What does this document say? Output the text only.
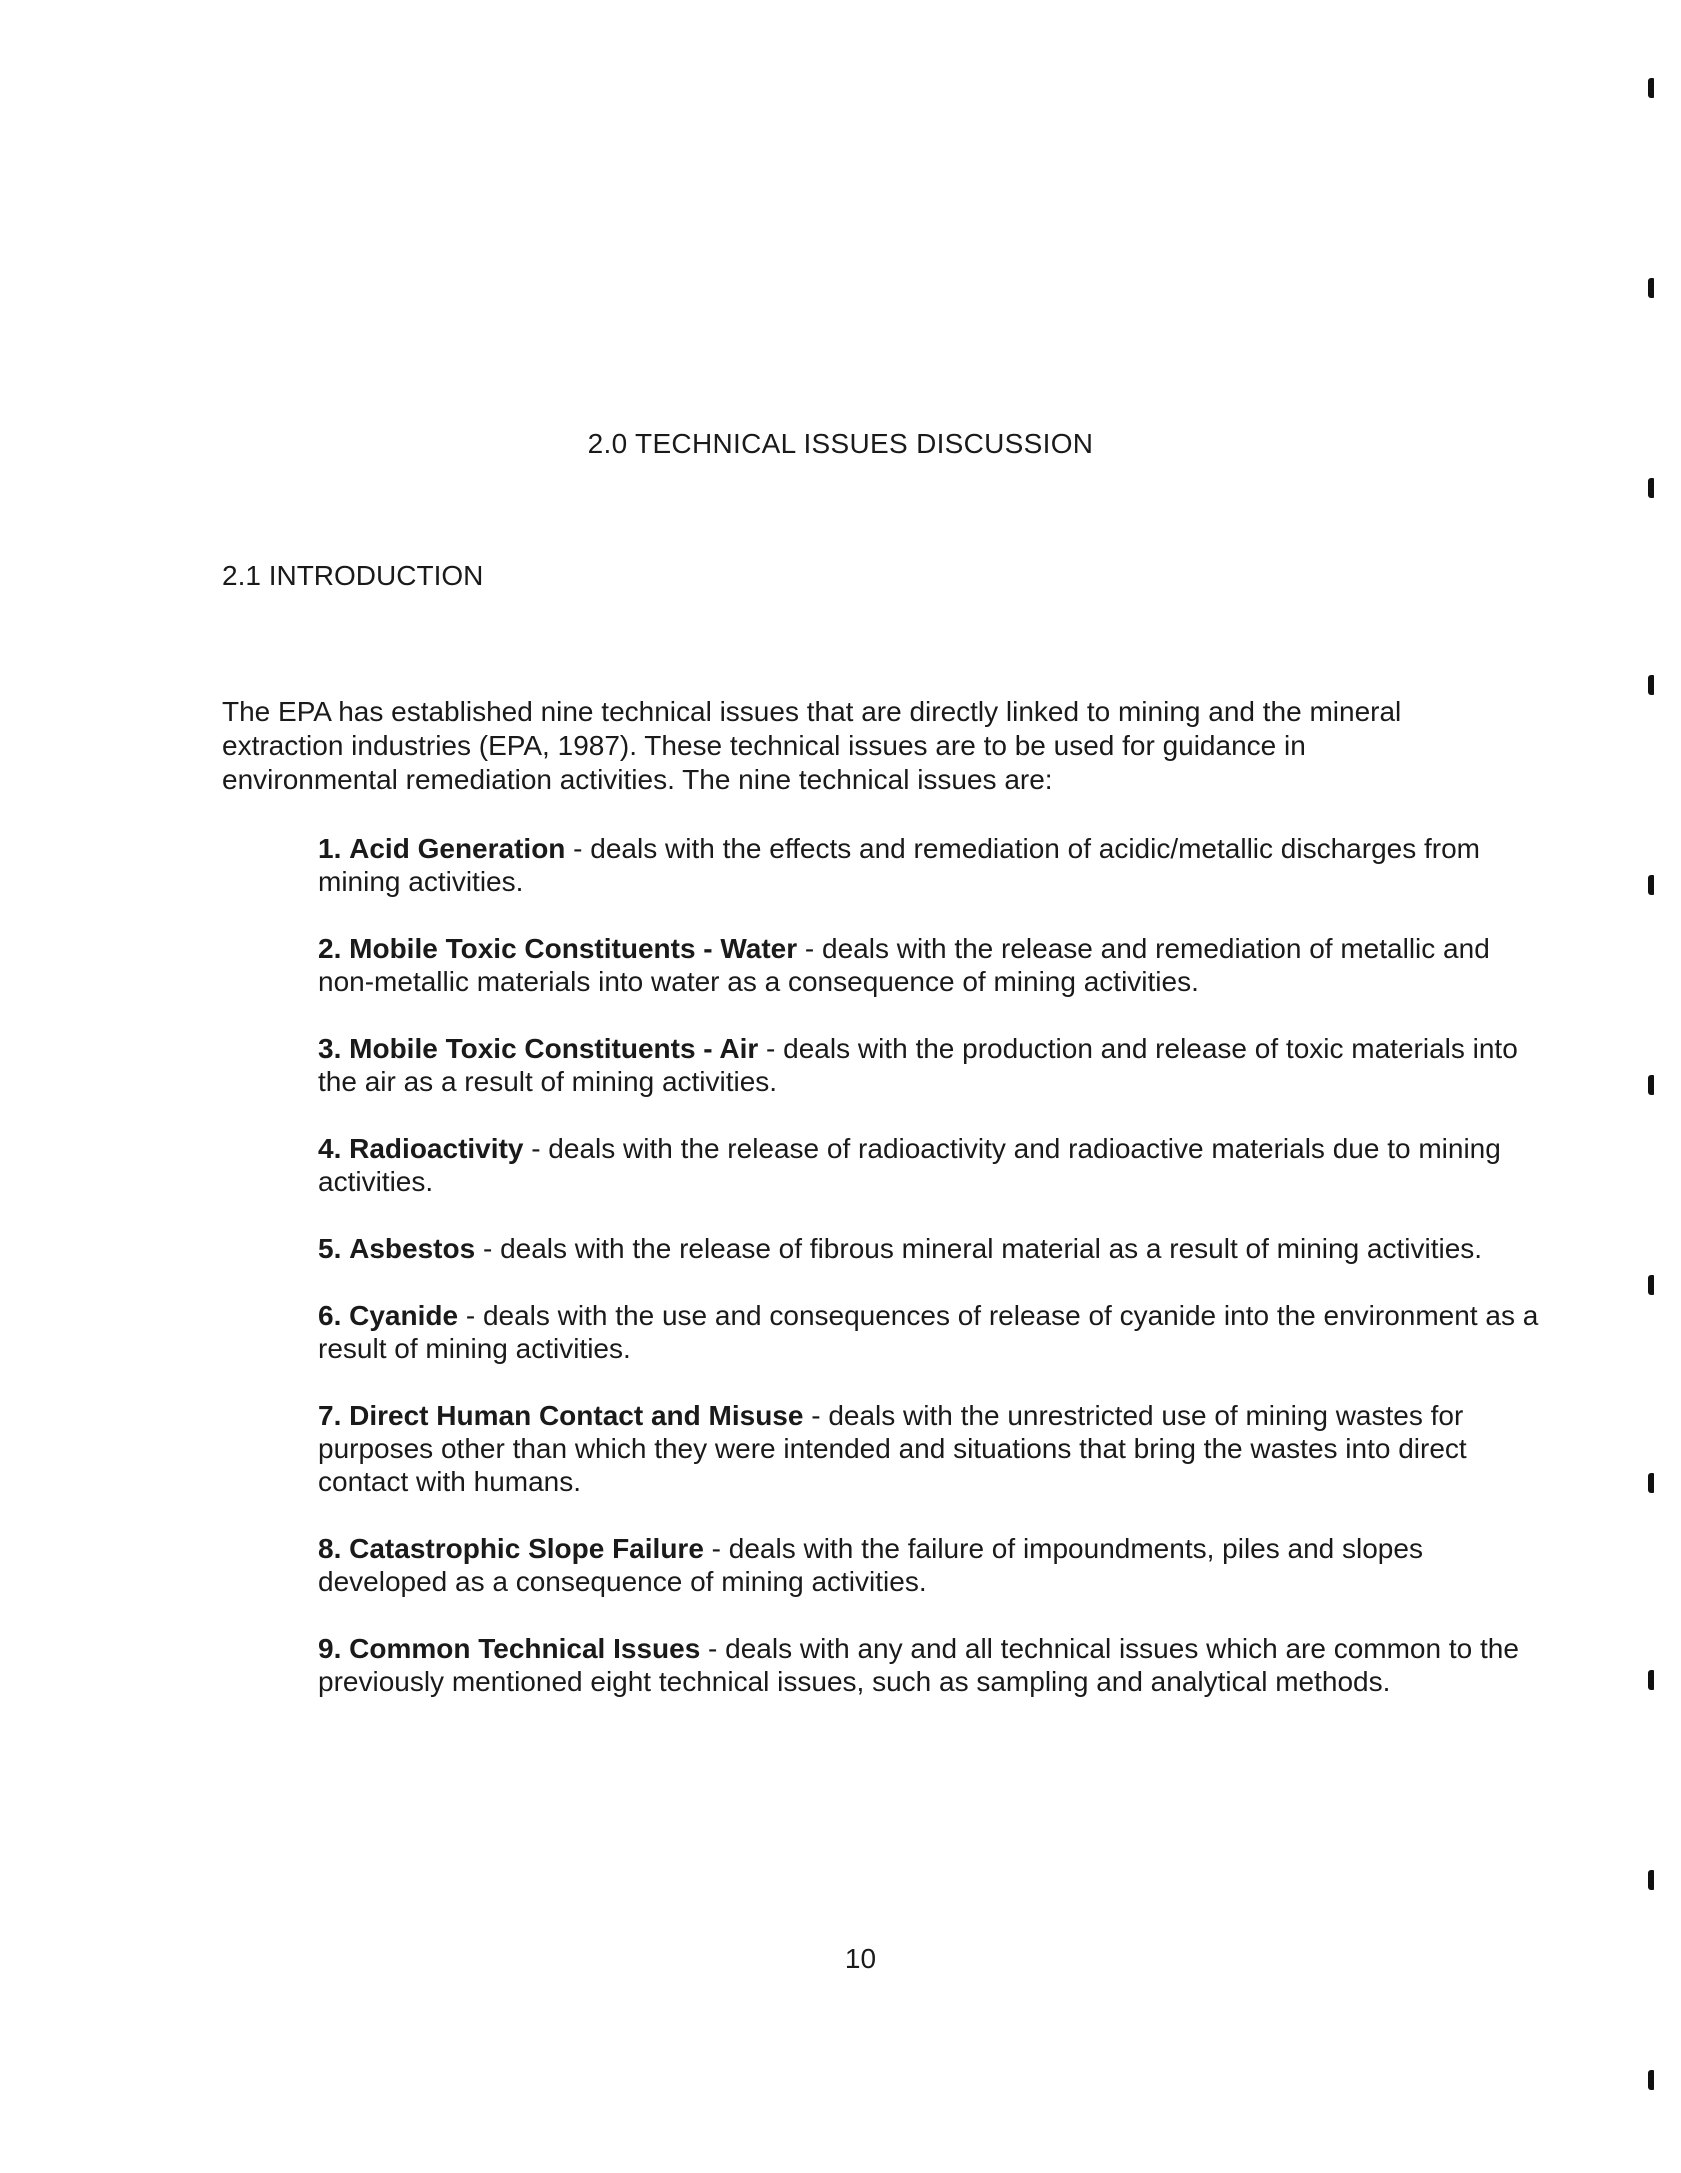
2.0 TECHNICAL ISSUES DISCUSSION
2.1 INTRODUCTION

The EPA has established nine technical issues that are directly linked to mining and the mineral extraction industries (EPA, 1987). These technical issues are to be used for guidance in environmental remediation activities. The nine technical issues are:

1. Acid Generation - deals with the effects and remediation of acidic/metallic discharges from mining activities.
2. Mobile Toxic Constituents - Water - deals with the release and remediation of metallic and non-metallic materials into water as a consequence of mining activities.
3. Mobile Toxic Constituents - Air - deals with the production and release of toxic materials into the air as a result of mining activities.
4. Radioactivity - deals with the release of radioactivity and radioactive materials due to mining activities.
5. Asbestos - deals with the release of fibrous mineral material as a result of mining activities.
6. Cyanide - deals with the use and consequences of release of cyanide into the environment as a result of mining activities.
7. Direct Human Contact and Misuse - deals with the unrestricted use of mining wastes for purposes other than which they were intended and situations that bring the wastes into direct contact with humans.
8. Catastrophic Slope Failure - deals with the failure of impoundments, piles and slopes developed as a consequence of mining activities.
9. Common Technical Issues - deals with any and all technical issues which are common to the previously mentioned eight technical issues, such as sampling and analytical methods.
10
